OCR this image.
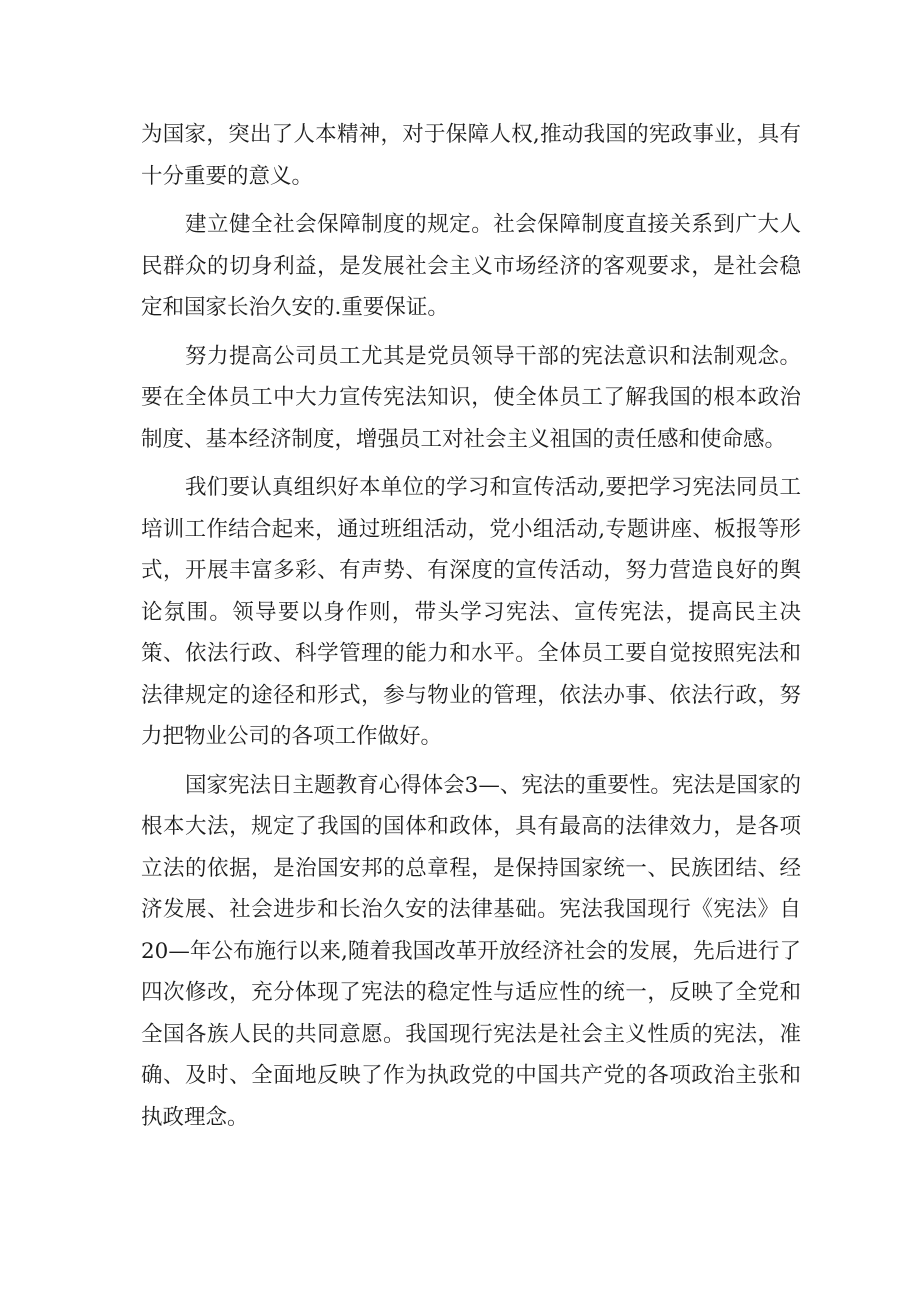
为国家，突出了人本精神，对于保障人权,推动我国的宪政事业，具有十分重要的意义。

建立健全社会保障制度的规定。社会保障制度直接关系到广大人民群众的切身利益，是发展社会主义市场经济的客观要求，是社会稳定和国家长治久安的.重要保证。

努力提高公司员工尤其是党员领导干部的宪法意识和法制观念。要在全体员工中大力宣传宪法知识，使全体员工了解我国的根本政治制度、基本经济制度，增强员工对社会主义祖国的责任感和使命感。

我们要认真组织好本单位的学习和宣传活动,要把学习宪法同员工培训工作结合起来，通过班组活动，党小组活动,专题讲座、板报等形式，开展丰富多彩、有声势、有深度的宣传活动，努力营造良好的舆论氛围。领导要以身作则，带头学习宪法、宣传宪法，提高民主决策、依法行政、科学管理的能力和水平。全体员工要自觉按照宪法和法律规定的途径和形式，参与物业的管理，依法办事、依法行政，努力把物业公司的各项工作做好。

国家宪法日主题教育心得体会3—、宪法的重要性。宪法是国家的根本大法，规定了我国的国体和政体，具有最高的法律效力，是各项立法的依据，是治国安邦的总章程，是保持国家统一、民族团结、经济发展、社会进步和长治久安的法律基础。宪法我国现行《宪法》自20—年公布施行以来,随着我国改革开放经济社会的发展，先后进行了四次修改，充分体现了宪法的稳定性与适应性的统一，反映了全党和全国各族人民的共同意愿。我国现行宪法是社会主义性质的宪法，准确、及时、全面地反映了作为执政党的中国共产党的各项政治主张和执政理念。
